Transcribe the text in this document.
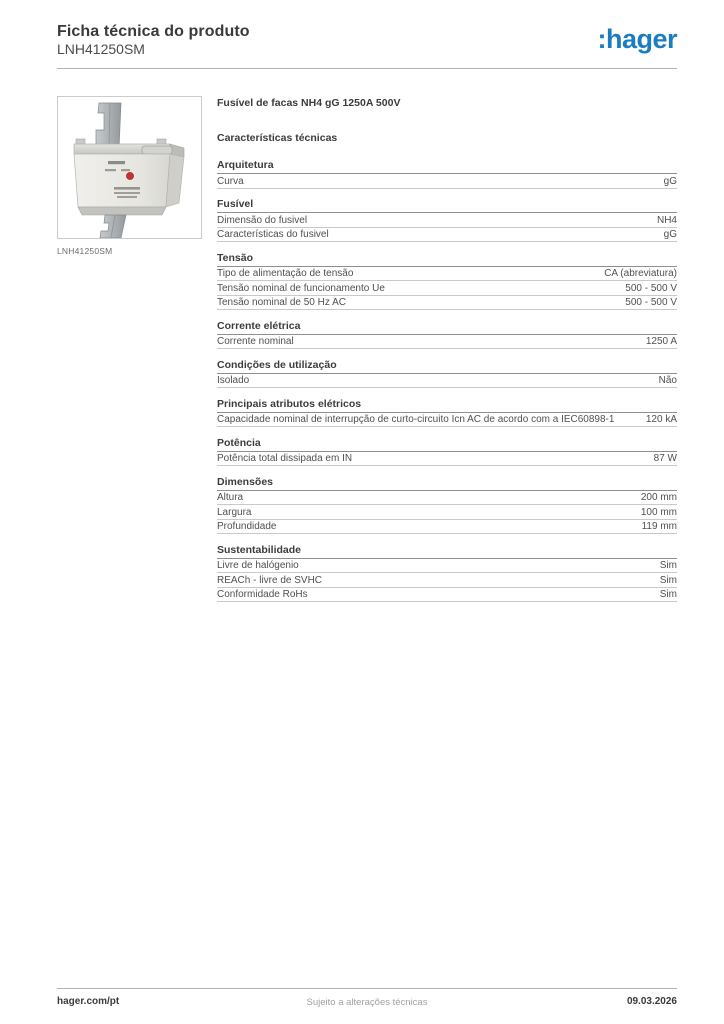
Ficha técnica do produto
LNH41250SM	:hager
LNH41250SM
Fusível de facas NH4 gG 1250A 500V
Características técnicas
Arquitetura
Curva	gG
Fusível
Dimensão do fusivel	NH4
Características do fusivel	gG
Tensão
Tipo de alimentação de tensão	CA (abreviatura)
Tensão nominal de funcionamento Ue	500 - 500 V
Tensão nominal de 50 Hz AC	500 - 500 V
Corrente elétrica
Corrente nominal	1250 A
Condições de utilização
Isolado	Não
Principais atributos elétricos
Capacidade nominal de interrupção de curto-circuito Icn AC de acordo com a IEC60898-1	120 kA
Potência
Potência total dissipada em IN	87 W
Dimensões
Altura	200 mm
Largura	100 mm
Profundidade	119 mm
Sustentabilidade
Livre de halógenio	Sim
REACh - livre de SVHC	Sim
Conformidade RoHs	Sim
hager.com/pt	Sujeito a alterações técnicas	09.03.2026
